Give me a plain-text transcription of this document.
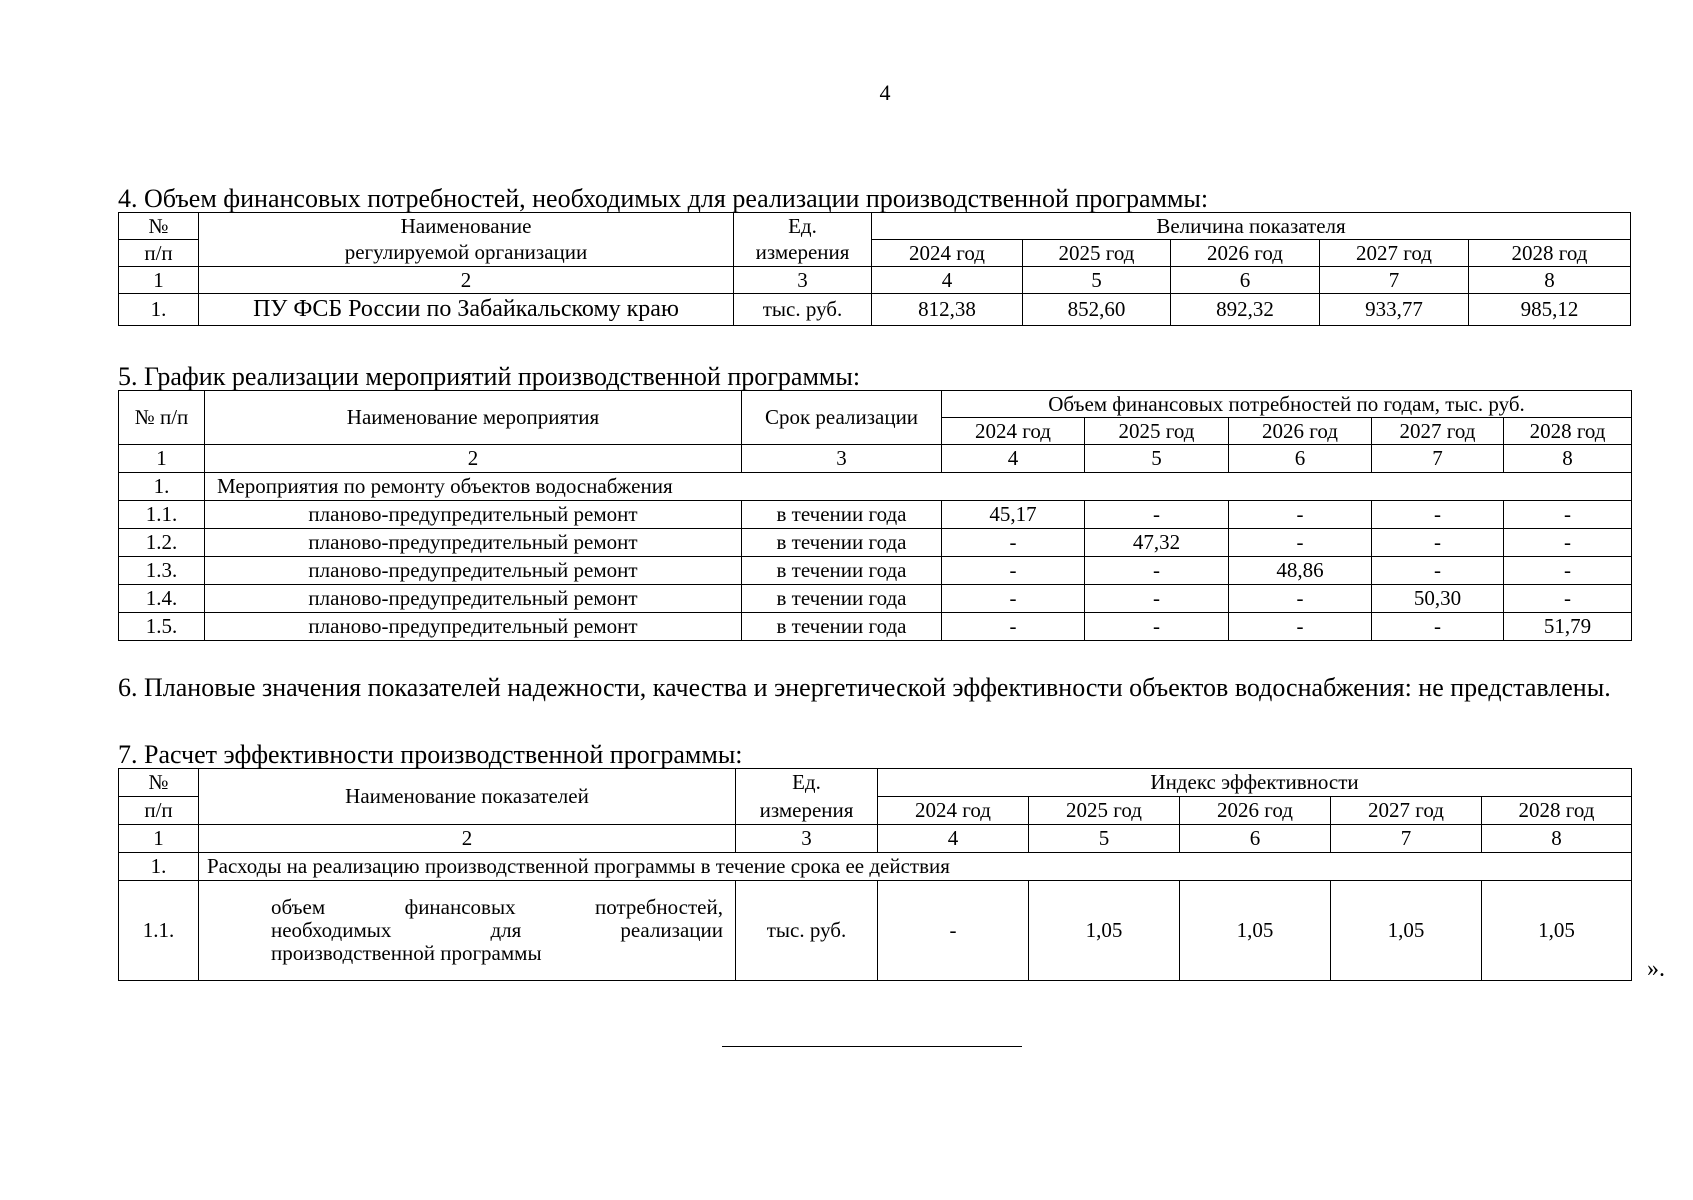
4
4. Объем финансовых потребностей, необходимых для реализации производственной программы:
№	Наименование	Ед.	Величина показателя				
п/п	регулируемой организации	измерения	2024 год	2025 год	2026 год	2027 год	2028 год
1	2	3	4	5	6	7	8
1.	ПУ ФСБ России по Забайкальскому краю	тыс. руб.	812,38	852,60	892,32	933,77	985,12
5. График реализации мероприятий производственной программы:
№ п/п	Наименование мероприятия	Срок реализации	Объем финансовых потребностей по годам, тыс. руб.				
			2024 год	2025 год	2026 год	2027 год	2028 год
1	2	3	4	5	6	7	8
1.	Мероприятия по ремонту объектов водоснабжения						
1.1.	планово-предупредительный ремонт	в течении года	45,17	-	-	-	-
1.2.	планово-предупредительный ремонт	в течении года	-	47,32	-	-	-
1.3.	планово-предупредительный ремонт	в течении года	-	-	48,86	-	-
1.4.	планово-предупредительный ремонт	в течении года	-	-	-	50,30	-
1.5.	планово-предупредительный ремонт	в течении года	-	-	-	-	51,79
6. Плановые значения показателей надежности, качества и энергетической эффективности объектов водоснабжения: не представлены.
7. Расчет эффективности производственной программы:
№	Наименование показателей	Ед.	Индекс эффективности				
п/п		измерения	2024 год	2025 год	2026 год	2027 год	2028 год
1	2	3	4	5	6	7	8
1.	Расходы на реализацию производственной программы в течение срока ее действия						
1.1.	объем финансовых потребностей,
необходимых для реализации
производственной программы	тыс. руб.	-	1,05	1,05	1,05	1,05
».
